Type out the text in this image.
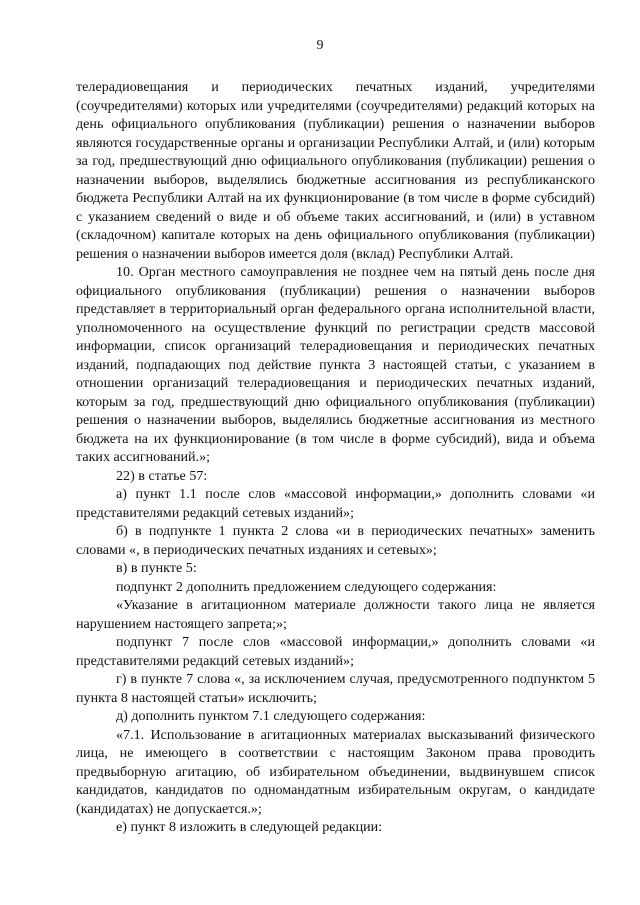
9

телерадиовещания и периодических печатных изданий, учредителями (соучредителями) которых или учредителями (соучредителями) редакций которых на день официального опубликования (публикации) решения о назначении выборов являются государственные органы и организации Республики Алтай, и (или) которым за год, предшествующий дню официального опубликования (публикации) решения о назначении выборов, выделялись бюджетные ассигнования из республиканского бюджета Республики Алтай на их функционирование (в том числе в форме субсидий) с указанием сведений о виде и об объеме таких ассигнований, и (или) в уставном (складочном) капитале которых на день официального опубликования (публикации) решения о назначении выборов имеется доля (вклад) Республики Алтай.

10. Орган местного самоуправления не позднее чем на пятый день после дня официального опубликования (публикации) решения о назначении выборов представляет в территориальный орган федерального органа исполнительной власти, уполномоченного на осуществление функций по регистрации средств массовой информации, список организаций телерадиовещания и периодических печатных изданий, подпадающих под действие пункта 3 настоящей статьи, с указанием в отношении организаций телерадиовещания и периодических печатных изданий, которым за год, предшествующий дню официального опубликования (публикации) решения о назначении выборов, выделялись бюджетные ассигнования из местного бюджета на их функционирование (в том числе в форме субсидий), вида и объема таких ассигнований.»;

22) в статье 57:

а) пункт 1.1 после слов «массовой информации,» дополнить словами «и представителями редакций сетевых изданий»;

б) в подпункте 1 пункта 2 слова «и в периодических печатных» заменить словами «, в периодических печатных изданиях и сетевых»;

в) в пункте 5:

подпункт 2 дополнить предложением следующего содержания:

«Указание в агитационном материале должности такого лица не является нарушением настоящего запрета;»;

подпункт 7 после слов «массовой информации,» дополнить словами «и представителями редакций сетевых изданий»;

г) в пункте 7 слова «, за исключением случая, предусмотренного подпунктом 5 пункта 8 настоящей статьи» исключить;

д) дополнить пунктом 7.1 следующего содержания:

«7.1. Использование в агитационных материалах высказываний физического лица, не имеющего в соответствии с настоящим Законом права проводить предвыборную агитацию, об избирательном объединении, выдвинувшем список кандидатов, кандидатов по одномандатным избирательным округам, о кандидате (кандидатах) не допускается.»;

е) пункт 8 изложить в следующей редакции:
